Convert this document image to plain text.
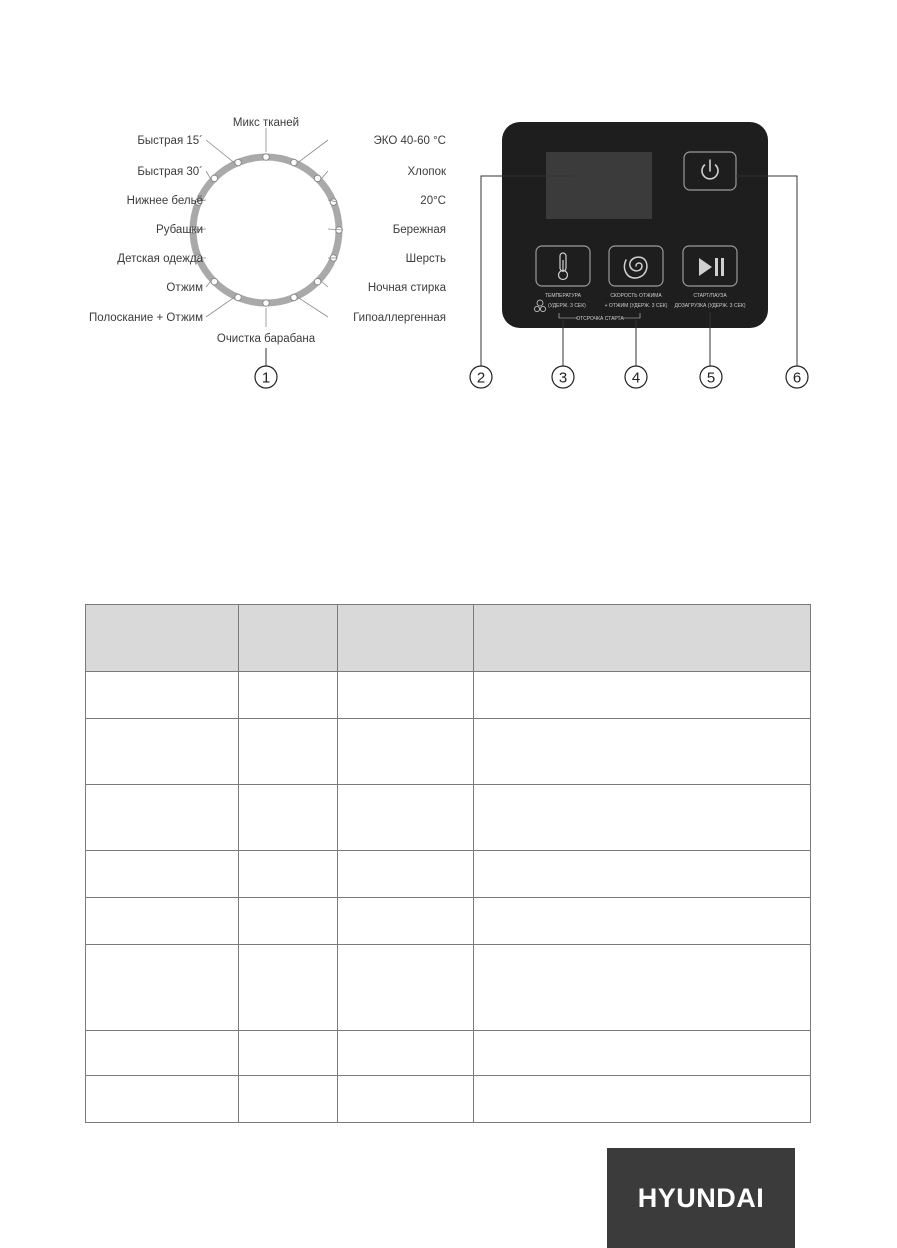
Быстрая 15´
Быстрая 30´
Нижнее бельё
Рубашки
Детская одежда
Отжим
Полоскание + Отжим
ЭКО 40-60 °C
Хлопок
20°C
Бережная
Шерсть
Ночная стирка
Гипоаллергенная
Микс тканей
Очистка барабана
1
ТЕМПЕРАТУРА
(УДЕРЖ. 3 СЕК)
СКОРОСТЬ ОТЖИМА
+ ОТЖИМ (УДЕРЖ. 3 СЕК)
СТАРТ/ПАУЗА
ДОЗАГРУЗКА (УДЕРЖ. 3 СЕК)
ОТСРОЧКА СТАРТА
2	3	4	5	6

HYUNDAI
